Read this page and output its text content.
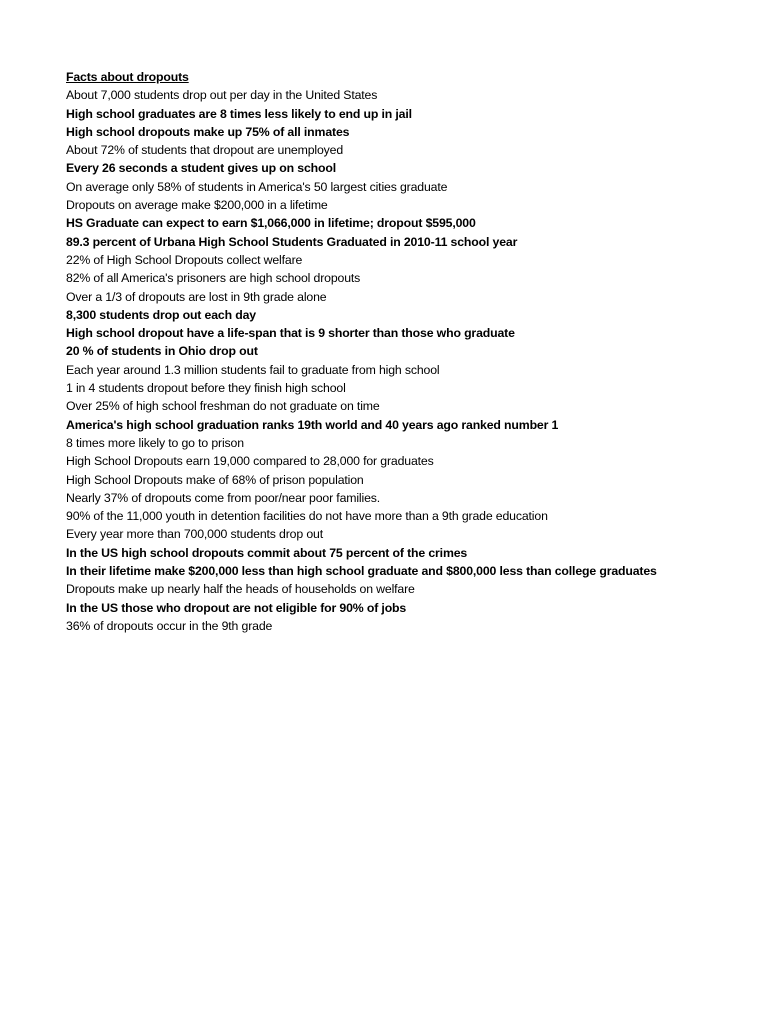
Facts about dropouts
About 7,000 students drop out per day in the United States
High school graduates are 8 times less likely to end up in jail
High school dropouts make up 75% of all inmates
About 72% of students that dropout are unemployed
Every 26 seconds a student gives up on school
On average only 58% of students in America's 50 largest cities graduate
Dropouts on average make $200,000 in a lifetime
HS Graduate can expect to earn $1,066,000 in lifetime; dropout $595,000
89.3 percent of Urbana High School Students Graduated in 2010-11 school year
22% of High School Dropouts collect welfare
82% of all America's prisoners are high school dropouts
Over a 1/3 of dropouts are lost in 9th grade alone
8,300 students drop out each day
High school dropout have a life-span that is 9 shorter than those who graduate
20 % of students in Ohio drop out
Each year around 1.3 million students fail to graduate from high school
1 in 4 students dropout before they finish high school
Over 25% of high school freshman do not graduate on time
America's high school graduation ranks 19th world and 40 years ago ranked number 1
8 times more likely to go to prison
High School Dropouts earn 19,000 compared to 28,000 for graduates
High School Dropouts make of 68% of prison population
Nearly 37% of dropouts come from poor/near poor families.
90% of the 11,000 youth in detention facilities do not have more than a 9th grade education
Every year more than 700,000 students drop out
In the US high school dropouts commit about 75 percent of the crimes
In their lifetime make $200,000 less than high school graduate and $800,000 less than college graduates
Dropouts make up nearly half the heads of households on welfare
In the US those who dropout are not eligible for 90% of jobs
36% of dropouts occur in the 9th grade
